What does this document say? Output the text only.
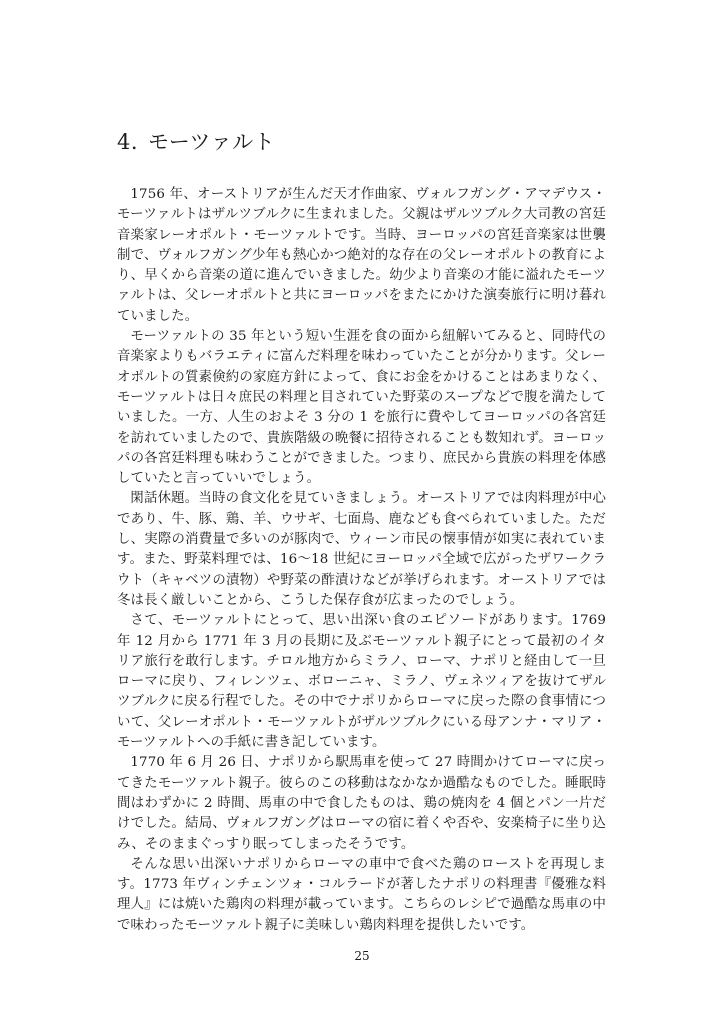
4. モーツァルト

1756 年、オーストリアが生んだ天才作曲家、ヴォルフガング・アマデウス・モーツァルトはザルツブルクに生まれました。父親はザルツブルク大司教の宮廷音楽家レーオポルト・モーツァルトです。当時、ヨーロッパの宮廷音楽家は世襲制で、ヴォルフガング少年も熱心かつ絶対的な存在の父レーオポルトの教育により、早くから音楽の道に進んでいきました。幼少より音楽の才能に溢れたモーツァルトは、父レーオポルトと共にヨーロッパをまたにかけた演奏旅行に明け暮れていました。

モーツァルトの 35 年という短い生涯を食の面から紐解いてみると、同時代の音楽家よりもバラエティに富んだ料理を味わっていたことが分かります。父レーオポルトの質素倹約の家庭方針によって、食にお金をかけることはあまりなく、モーツァルトは日々庶民の料理と目されていた野菜のスープなどで腹を満たしていました。一方、人生のおよそ 3 分の 1 を旅行に費やしてヨーロッパの各宮廷を訪れていましたので、貴族階級の晩餐に招待されることも数知れず。ヨーロッパの各宮廷料理も味わうことができました。つまり、庶民から貴族の料理を体感していたと言っていいでしょう。

閑話休題。当時の食文化を見ていきましょう。オーストリアでは肉料理が中心であり、牛、豚、鶏、羊、ウサギ、七面鳥、鹿なども食べられていました。ただし、実際の消費量で多いのが豚肉で、ウィーン市民の懐事情が如実に表れています。また、野菜料理では、16～18 世紀にヨーロッパ全域で広がったザワークラウト（キャベツの漬物）や野菜の酢漬けなどが挙げられます。オーストリアでは冬は長く厳しいことから、こうした保存食が広まったのでしょう。

さて、モーツァルトにとって、思い出深い食のエピソードがあります。1769 年 12 月から 1771 年 3 月の長期に及ぶモーツァルト親子にとって最初のイタリア旅行を敢行します。チロル地方からミラノ、ローマ、ナポリと経由して一旦ローマに戻り、フィレンツェ、ボローニャ、ミラノ、ヴェネツィアを抜けてザルツブルクに戻る行程でした。その中でナポリからローマに戻った際の食事情について、父レーオポルト・モーツァルトがザルツブルクにいる母アンナ・マリア・モーツァルトへの手紙に書き記しています。

1770 年 6 月 26 日、ナポリから駅馬車を使って 27 時間かけてローマに戻ってきたモーツァルト親子。彼らのこの移動はなかなか過酷なものでした。睡眠時間はわずかに 2 時間、馬車の中で食したものは、鶏の焼肉を 4 個とパン一片だけでした。結局、ヴォルフガングはローマの宿に着くや否や、安楽椅子に坐り込み、そのままぐっすり眠ってしまったそうです。

そんな思い出深いナポリからローマの車中で食べた鶏のローストを再現します。1773 年ヴィンチェンツォ・コルラードが著したナポリの料理書『優雅な料理人』には焼いた鶏肉の料理が載っています。こちらのレシピで過酷な馬車の中で味わったモーツァルト親子に美味しい鶏肉料理を提供したいです。

25
